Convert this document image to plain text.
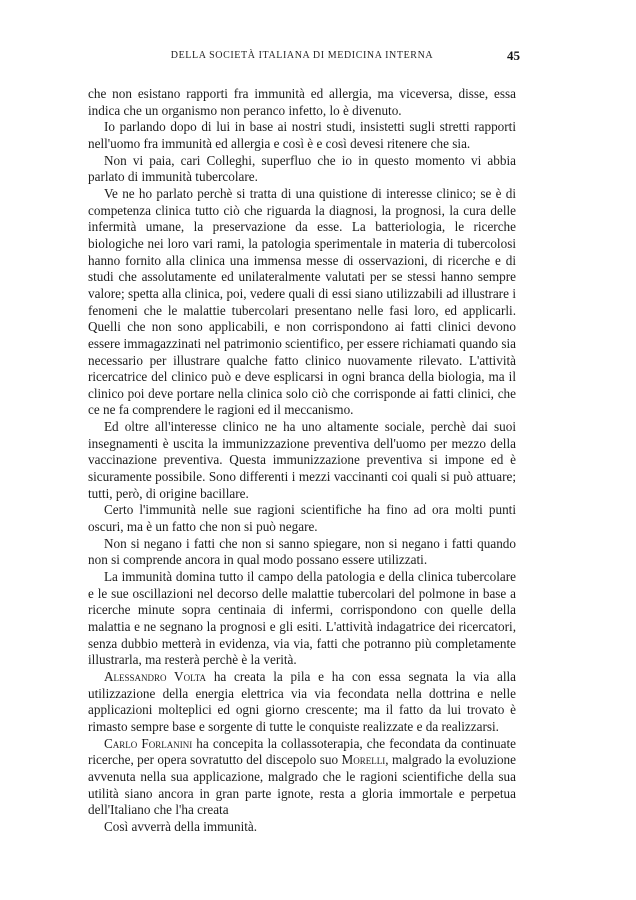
DELLA SOCIETÀ ITALIANA DI MEDICINA INTERNA	45

che non esistano rapporti fra immunità ed allergia, ma viceversa, disse, essa indica che un organismo non peranco infetto, lo è divenuto.

Io parlando dopo di lui in base ai nostri studi, insistetti sugli stretti rapporti nell'uomo fra immunità ed allergia e così è e così devesi ritenere che sia.

Non vi paia, cari Colleghi, superfluo che io in questo momento vi abbia parlato di immunità tubercolare.

Ve ne ho parlato perchè si tratta di una quistione di interesse clinico; se è di competenza clinica tutto ciò che riguarda la diagnosi, la prognosi, la cura delle infermità umane, la preservazione da esse. La batteriologia, le ricerche biologiche nei loro vari rami, la patologia sperimentale in materia di tubercolosi hanno fornito alla clinica una immensa messe di osservazioni, di ricerche e di studi che assolutamente ed unilateralmente valutati per se stessi hanno sempre valore; spetta alla clinica, poi, vedere quali di essi siano utilizzabili ad illustrare i fenomeni che le malattie tubercolari presentano nelle fasi loro, ed applicarli. Quelli che non sono applicabili, e non corrispondono ai fatti clinici devono essere immagazzinati nel patrimonio scientifico, per essere richiamati quando sia necessario per illustrare qualche fatto clinico nuovamente rilevato. L'attività ricercatrice del clinico può e deve esplicarsi in ogni branca della biologia, ma il clinico poi deve portare nella clinica solo ciò che corrisponde ai fatti clinici, che ce ne fa comprendere le ragioni ed il meccanismo.

Ed oltre all'interesse clinico ne ha uno altamente sociale, perchè dai suoi insegnamenti è uscita la immunizzazione preventiva dell'uomo per mezzo della vaccinazione preventiva. Questa immunizzazione preventiva si impone ed è sicuramente possibile. Sono differenti i mezzi vaccinanti coi quali si può attuare; tutti, però, di origine bacillare.

Certo l'immunità nelle sue ragioni scientifiche ha fino ad ora molti punti oscuri, ma è un fatto che non si può negare.

Non si negano i fatti che non si sanno spiegare, non si negano i fatti quando non si comprende ancora in qual modo possano essere utilizzati.

La immunità domina tutto il campo della patologia e della clinica tubercolare e le sue oscillazioni nel decorso delle malattie tubercolari del polmone in base a ricerche minute sopra centinaia di infermi, corrispondono con quelle della malattia e ne segnano la prognosi e gli esiti. L'attività indagatrice dei ricercatori, senza dubbio metterà in evidenza, via via, fatti che potranno più completamente illustrarla, ma resterà perchè è la verità.

Alessandro Volta ha creata la pila e ha con essa segnata la via alla utilizzazione della energia elettrica via via fecondata nella dottrina e nelle applicazioni molteplici ed ogni giorno crescente; ma il fatto da lui trovato è rimasto sempre base e sorgente di tutte le conquiste realizzate e da realizzarsi.

Carlo Forlanini ha concepita la collassoterapia, che fecondata da continuate ricerche, per opera sovratutto del discepolo suo Morelli, malgrado la evoluzione avvenuta nella sua applicazione, malgrado che le ragioni scientifiche della sua utilità siano ancora in gran parte ignote, resta a gloria immortale e perpetua dell'Italiano che l'ha creata

Così avverrà della immunità.
